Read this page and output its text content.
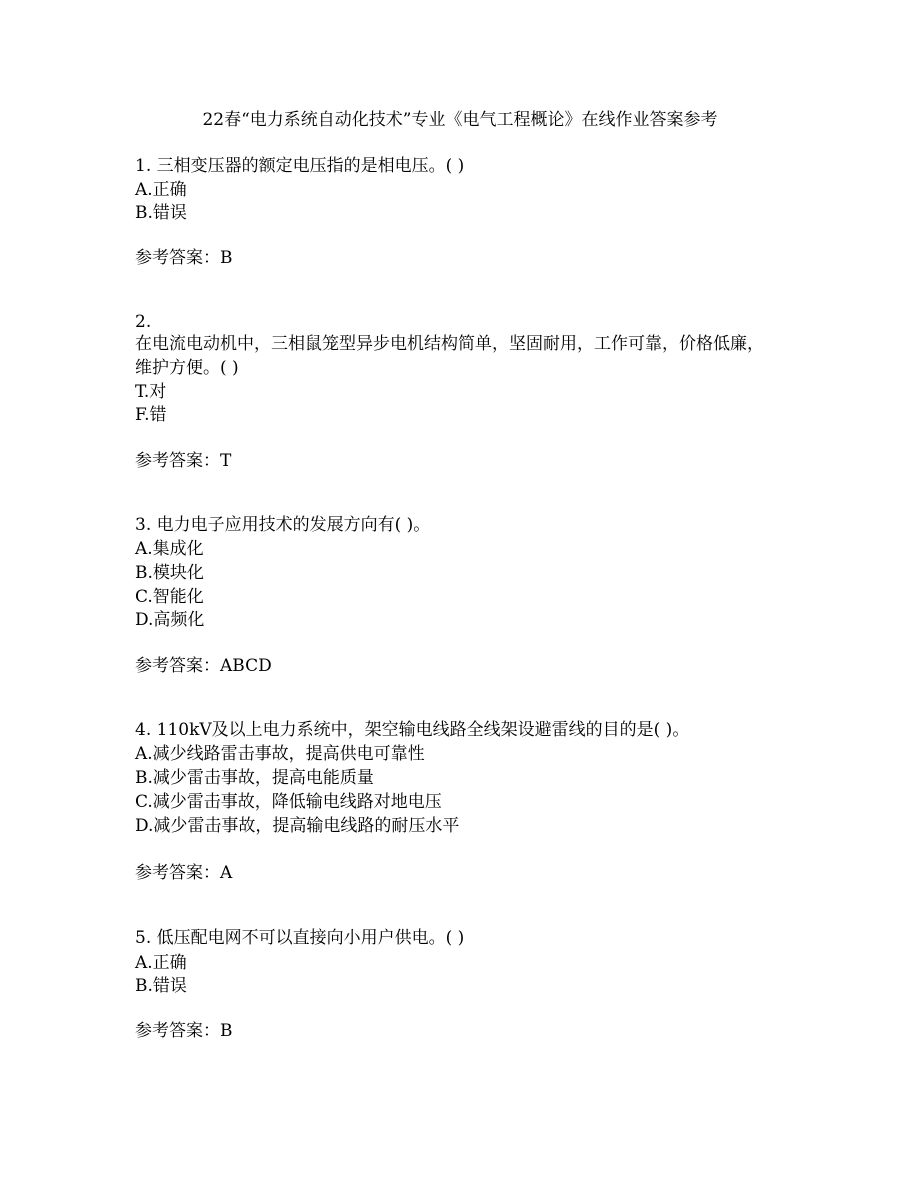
22春“电力系统自动化技术”专业《电气工程概论》在线作业答案参考
1. 三相变压器的额定电压指的是相电压。( )
A.正确
B.错误
参考答案：B
2.
在电流电动机中，三相鼠笼型异步电机结构简单，坚固耐用，工作可靠，价格低廉，
维护方便。( )
T.对
F.错
参考答案：T
3. 电力电子应用技术的发展方向有( )。
A.集成化
B.模块化
C.智能化
D.高频化
参考答案：ABCD
4. 110kV及以上电力系统中，架空输电线路全线架设避雷线的目的是( )。
A.减少线路雷击事故，提高供电可靠性
B.减少雷击事故，提高电能质量
C.减少雷击事故，降低输电线路对地电压
D.减少雷击事故，提高输电线路的耐压水平
参考答案：A
5. 低压配电网不可以直接向小用户供电。( )
A.正确
B.错误
参考答案：B
